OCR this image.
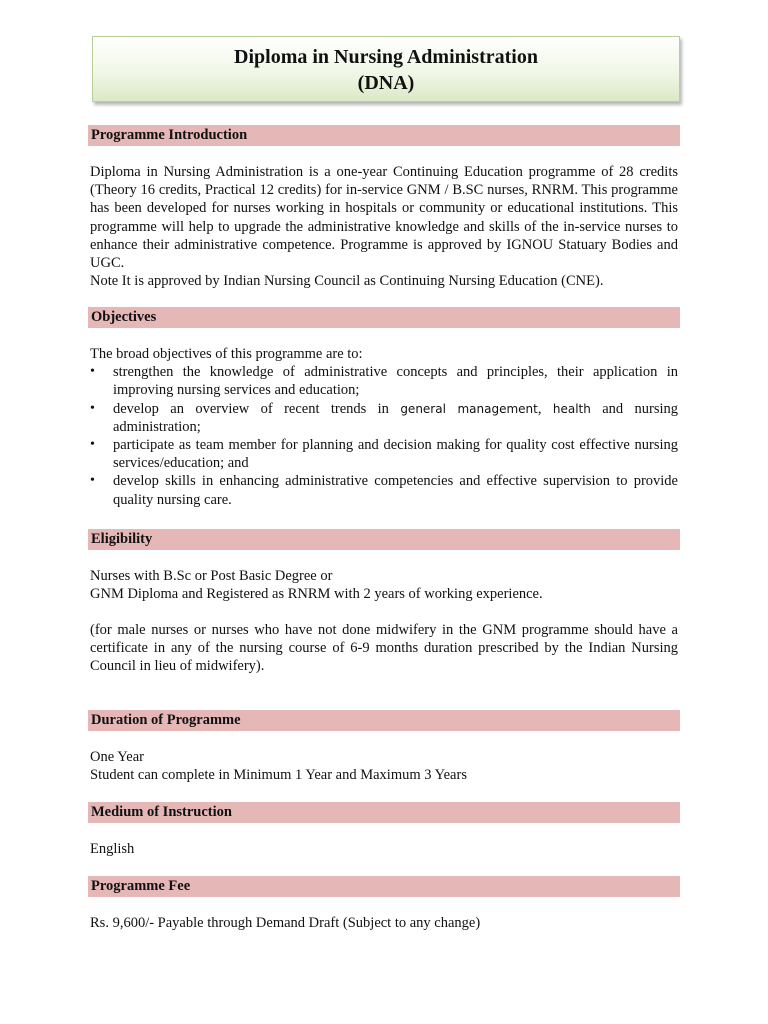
Diploma in Nursing Administration
(DNA)
Programme Introduction

Diploma in Nursing Administration is a one-year Continuing Education programme of 28 credits (Theory 16 credits, Practical 12 credits) for in-service GNM / B.SC nurses, RNRM. This programme has been developed for nurses working in hospitals or community or educational institutions. This programme will help to upgrade the administrative knowledge and skills of the in-service nurses to enhance their administrative competence. Programme is approved by IGNOU Statuary Bodies and UGC.

Note It is approved by Indian Nursing Council as Continuing Nursing Education (CNE).

Objectives

The broad objectives of this programme are to:

• strengthen the knowledge of administrative concepts and principles, their application in improving nursing services and education;
• develop an overview of recent trends in general management, health and nursing administration;
• participate as team member for planning and decision making for quality cost effective nursing services/education; and
• develop skills in enhancing administrative competencies and effective supervision to provide quality nursing care.
Eligibility

Nurses with B.Sc or Post Basic Degree or

GNM Diploma and Registered as RNRM with 2 years of working experience.

(for male nurses or nurses who have not done midwifery in the GNM programme should have a certificate in any of the nursing course of 6-9 months duration prescribed by the Indian Nursing Council in lieu of midwifery).
Duration of Programme

One Year

Student can complete in Minimum 1 Year and Maximum 3 Years

Medium of Instruction
English
Programme Fee
Rs. 9,600/- Payable through Demand Draft (Subject to any change)
